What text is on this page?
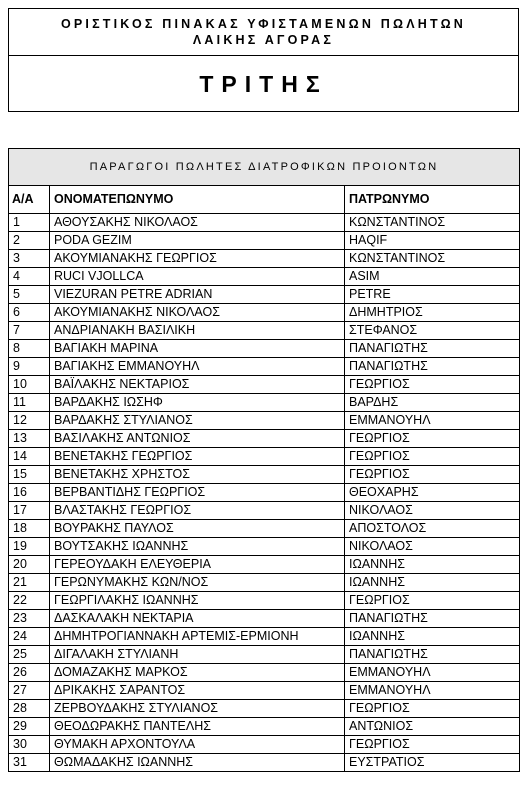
ΟΡΙΣΤΙΚΟΣ ΠΙΝΑΚΑΣ ΥΦΙΣΤΑΜΕΝΩΝ ΠΩΛΗΤΩΝ
ΛΑΙΚΗΣ ΑΓΟΡΑΣ
ΤΡΙΤΗΣ
ΠΑΡΑΓΩΓΟΙ ΠΩΛΗΤΕΣ ΔΙΑΤΡΟΦΙΚΩΝ ΠΡΟΙΟΝΤΩΝ		
Α/Α	ΟΝΟΜΑΤΕΠΩΝΥΜΟ	ΠΑΤΡΩΝΥΜΟ
1	ΑΘΟΥΣΑΚΗΣ ΝΙΚΟΛΑΟΣ	ΚΩΝΣΤΑΝΤΙΝΟΣ
2	PODA GEZIM	HAQIF
3	ΑΚΟΥΜΙΑΝΑΚΗΣ ΓΕΩΡΓΙΟΣ	ΚΩΝΣΤΑΝΤΙΝΟΣ
4	RUCI VJOLLCA	ASIM
5	VIEZURAN PETRE ADRIAN	PETRE
6	ΑΚΟΥΜΙΑΝΑΚΗΣ ΝΙΚΟΛΑΟΣ	ΔΗΜΗΤΡΙΟΣ
7	ΑΝΔΡΙΑΝΑΚΗ ΒΑΣΙΛΙΚΗ	ΣΤΕΦΑΝΟΣ
8	ΒΑΓΙΑΚΗ ΜΑΡΙΝΑ	ΠΑΝΑΓΙΩΤΗΣ
9	ΒΑΓΙΑΚΗΣ ΕΜΜΑΝΟΥΗΛ	ΠΑΝΑΓΙΩΤΗΣ
10	ΒΑΪΛΑΚΗΣ ΝΕΚΤΑΡΙΟΣ	ΓΕΩΡΓΙΟΣ
11	ΒΑΡΔΑΚΗΣ ΙΩΣΗΦ	ΒΑΡΔΗΣ
12	ΒΑΡΔΑΚΗΣ ΣΤΥΛΙΑΝΟΣ	ΕΜΜΑΝΟΥΗΛ
13	ΒΑΣΙΛΑΚΗΣ ΑΝΤΩΝΙΟΣ	ΓΕΩΡΓΙΟΣ
14	ΒΕΝΕΤΑΚΗΣ ΓΕΩΡΓΙΟΣ	ΓΕΩΡΓΙΟΣ
15	ΒΕΝΕΤΑΚΗΣ ΧΡΗΣΤΟΣ	ΓΕΩΡΓΙΟΣ
16	ΒΕΡΒΑΝΤΙΔΗΣ ΓΕΩΡΓΙΟΣ	ΘΕΟΧΑΡΗΣ
17	ΒΛΑΣΤΑΚΗΣ ΓΕΩΡΓΙΟΣ	ΝΙΚΟΛΑΟΣ
18	ΒΟΥΡΑΚΗΣ ΠΑΥΛΟΣ	ΑΠΟΣΤΟΛΟΣ
19	ΒΟΥΤΣΑΚΗΣ ΙΩΑΝΝΗΣ	ΝΙΚΟΛΑΟΣ
20	ΓΕΡΕΟΥΔΑΚΗ ΕΛΕΥΘΕΡΙΑ	ΙΩΑΝΝΗΣ
21	ΓΕΡΩΝΥΜΑΚΗΣ ΚΩΝ/ΝΟΣ	ΙΩΑΝΝΗΣ
22	ΓΕΩΡΓΙΛΑΚΗΣ ΙΩΑΝΝΗΣ	ΓΕΩΡΓΙΟΣ
23	ΔΑΣΚΑΛΑΚΗ ΝΕΚΤΑΡΙΑ	ΠΑΝΑΓΙΩΤΗΣ
24	ΔΗΜΗΤΡΟΓΙΑΝΝΑΚΗ ΑΡΤΕΜΙΣ-ΕΡΜΙΟΝΗ	ΙΩΑΝΝΗΣ
25	ΔΙΓΑΛΑΚΗ ΣΤΥΛΙΑΝΗ	ΠΑΝΑΓΙΩΤΗΣ
26	ΔΟΜΑΖΑΚΗΣ ΜΑΡΚΟΣ	ΕΜΜΑΝΟΥΗΛ
27	ΔΡΙΚΑΚΗΣ ΣΑΡΑΝΤΟΣ	ΕΜΜΑΝΟΥΗΛ
28	ΖΕΡΒΟΥΔΑΚΗΣ ΣΤΥΛΙΑΝΟΣ	ΓΕΩΡΓΙΟΣ
29	ΘΕΟΔΩΡΑΚΗΣ ΠΑΝΤΕΛΗΣ	ΑΝΤΩΝΙΟΣ
30	ΘΥΜΑΚΗ ΑΡΧΟΝΤΟΥΛΑ	ΓΕΩΡΓΙΟΣ
31	ΘΩΜΑΔΑΚΗΣ ΙΩΑΝΝΗΣ	ΕΥΣΤΡΑΤΙΟΣ
